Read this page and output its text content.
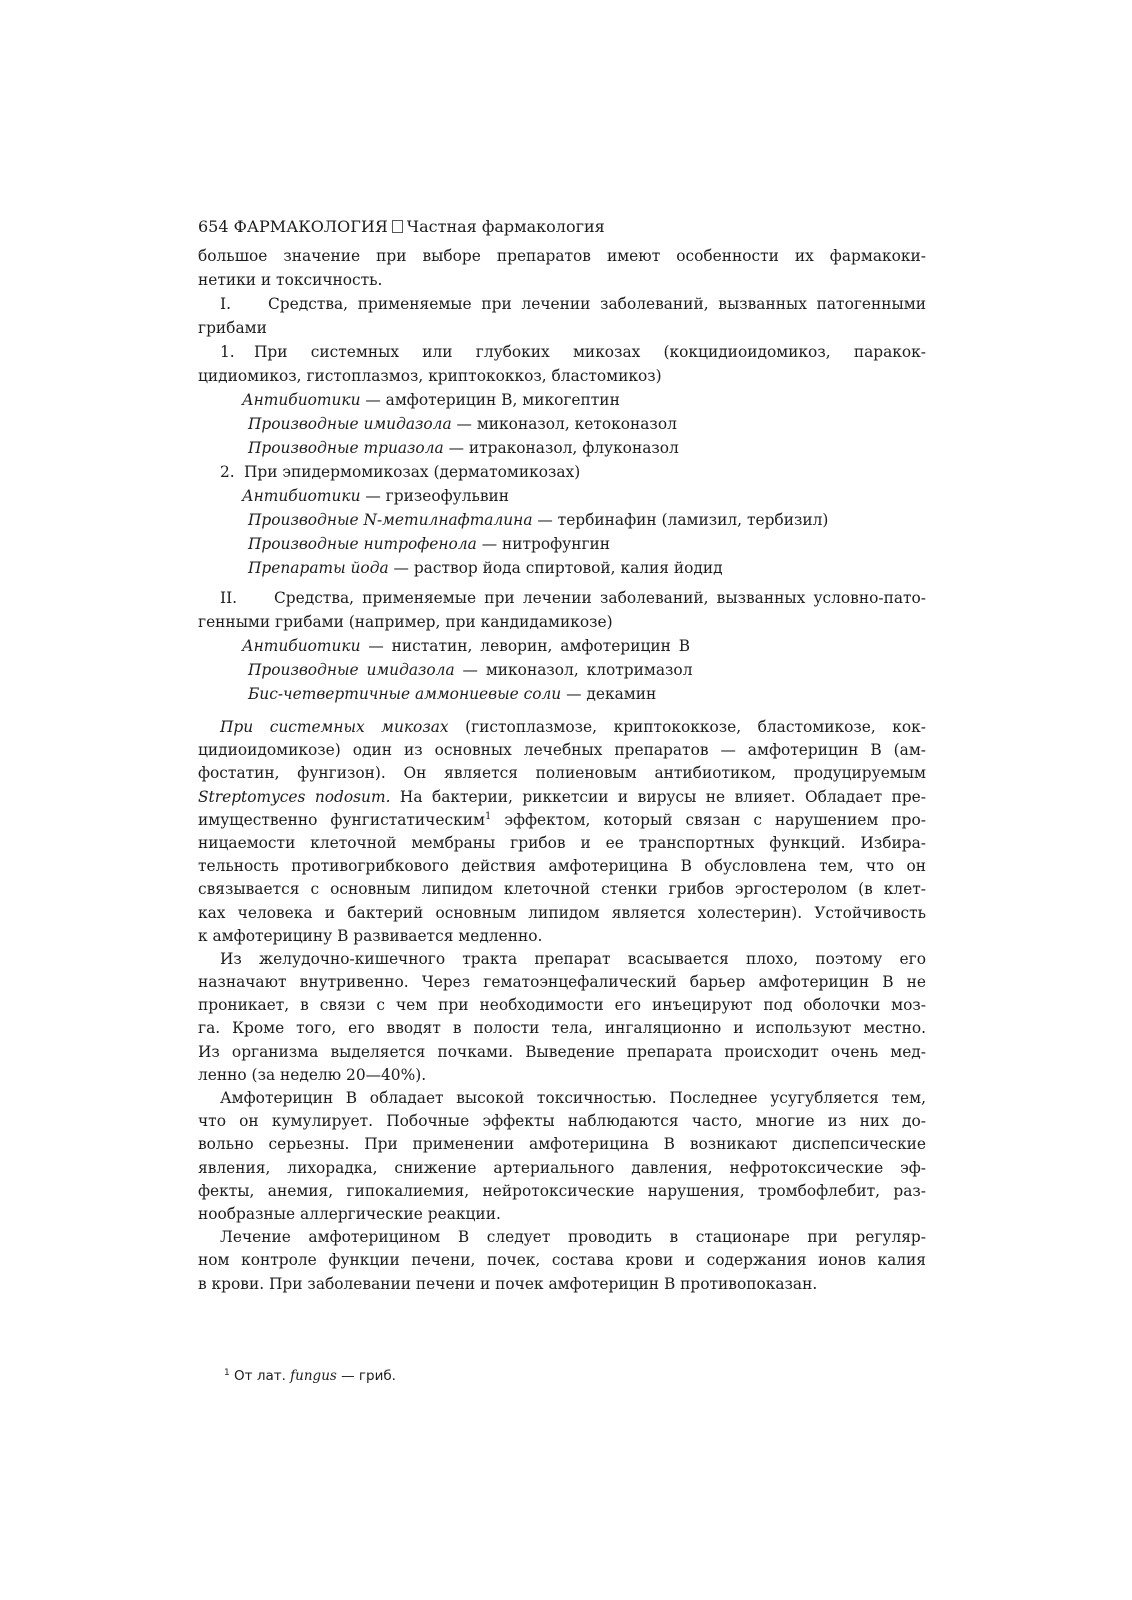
654 ФАРМАКОЛОГИЯ Частная фармакология
большое значение при выборе препаратов имеют особенности их фармакоки-
нетики и токсичность.
I. Средства, применяемые при лечении заболеваний, вызванных патогенными
грибами
1. При системных или глубоких микозах (кокцидиоидомикоз, паракок-
цидиомикоз, гистоплазмоз, криптококкоз, бластомикоз)
Антибиотики — амфотерицин B, микогептин
Производные имидазола — миконазол, кетоконазол
Производные триазола — итраконазол, флуконазол
2. При эпидермомикозах (дерматомикозах)
Антибиотики — гризеофульвин
Производные N-метилнафталина — тербинафин (ламизил, тербизил)
Производные нитрофенола — нитрофунгин
Препараты йода — раствор йода спиртовой, калия йодид
II. Средства, применяемые при лечении заболеваний, вызванных условно-пато-
генными грибами (например, при кандидамикозе)
Антибиотики — нистатин, леворин, амфотерицин В
Производные имидазола — миконазол, клотримазол
Бис-четвертичные аммониевые соли — декамин
При системных микозах (гистоплазмозе, криптококкозе, бластомикозе, кок-
цидиоидомикозе) один из основных лечебных препаратов — амфотерицин В (ам-
фостатин, фунгизон). Он является полиеновым антибиотиком, продуцируемым
Streptomyces nodosum. На бактерии, риккетсии и вирусы не влияет. Обладает пре-
имущественно фунгистатическим$^1$ эффектом, который связан с нарушением про-
ницаемости клеточной мембраны грибов и ее транспортных функций. Избира-
тельность противогрибкового действия амфотерицина В обусловлена тем, что он
связывается с основным липидом клеточной стенки грибов эргостеролом (в клет-
ках человека и бактерий основным липидом является холестерин). Устойчивость
к амфотерицину В развивается медленно.
Из желудочно-кишечного тракта препарат всасывается плохо, поэтому его
назначают внутривенно. Через гематоэнцефалический барьер амфотерицин В не
проникает, в связи с чем при необходимости его инъецируют под оболочки моз-
га. Кроме того, его вводят в полости тела, ингаляционно и используют местно.
Из организма выделяется почками. Выведение препарата происходит очень мед-
ленно (за неделю 20—40%).
Амфотерицин В обладает высокой токсичностью. Последнее усугубляется тем,
что он кумулирует. Побочные эффекты наблюдаются часто, многие из них до-
вольно серьезны. При применении амфотерицина В возникают диспепсические
явления, лихорадка, снижение артериального давления, нефротоксические эф-
фекты, анемия, гипокалиемия, нейротоксические нарушения, тромбофлебит, раз-
нообразные аллергические реакции.
Лечение амфотерицином В следует проводить в стационаре при регуляр-
ном контроле функции печени, почек, состава крови и содержания ионов калия
в крови. При заболевании печени и почек амфотерицин В противопоказан.
$^1$ От лат. fungus — гриб.
